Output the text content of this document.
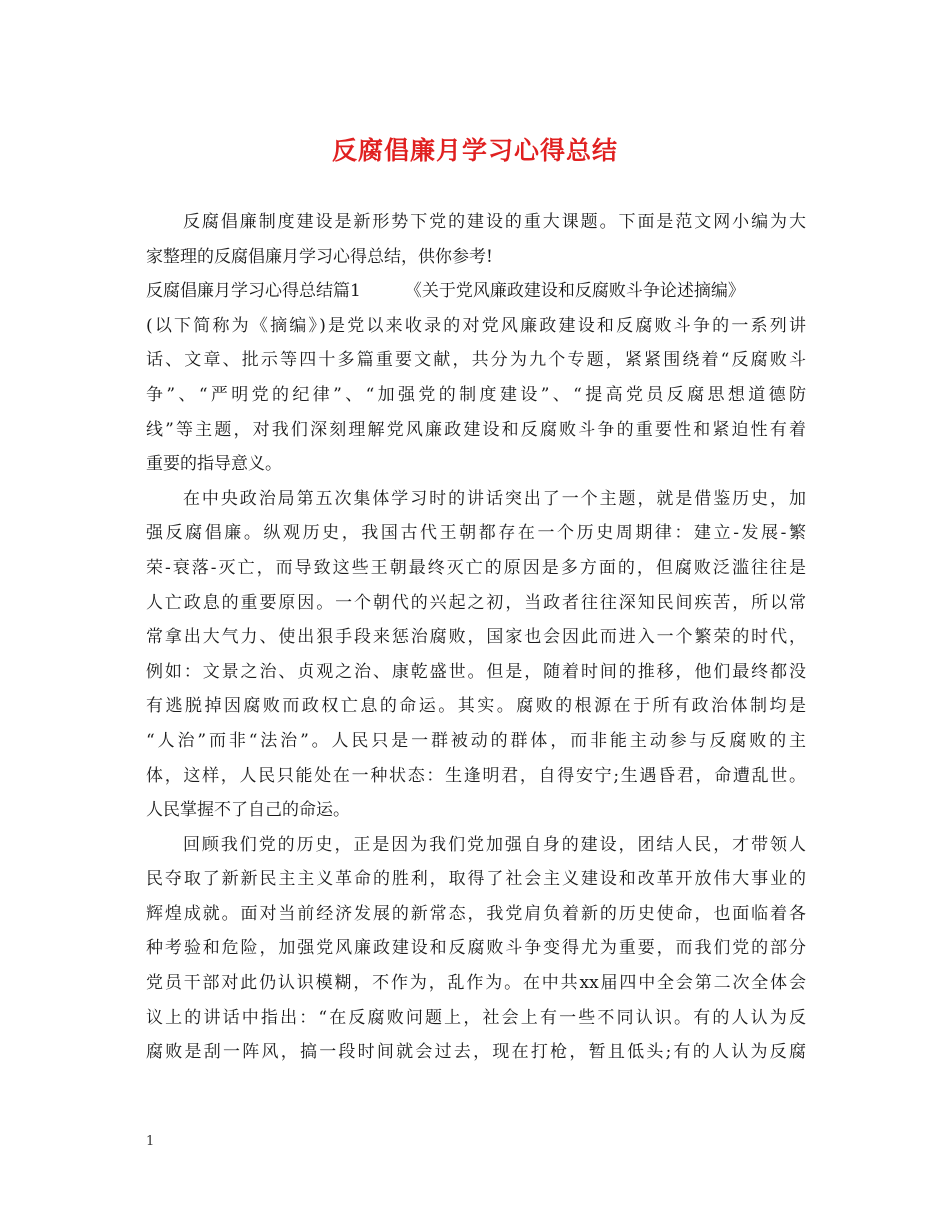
反腐倡廉月学习心得总结
反腐倡廉制度建设是新形势下党的建设的重大课题。下面是范文网小编为大
家整理的反腐倡廉月学习心得总结，供你参考!
反腐倡廉月学习心得总结篇1	《关于党风廉政建设和反腐败斗争论述摘编》
(以下简称为《摘编》)是党以来收录的对党风廉政建设和反腐败斗争的一系列讲
话、文章、批示等四十多篇重要文献，共分为九个专题，紧紧围绕着“反腐败斗
争”、“严明党的纪律”、“加强党的制度建设”、“提高党员反腐思想道德防
线”等主题，对我们深刻理解党风廉政建设和反腐败斗争的重要性和紧迫性有着
重要的指导意义。
在中央政治局第五次集体学习时的讲话突出了一个主题，就是借鉴历史，加
强反腐倡廉。纵观历史，我国古代王朝都存在一个历史周期律：建立-发展-繁
荣-衰落-灭亡，而导致这些王朝最终灭亡的原因是多方面的，但腐败泛滥往往是
人亡政息的重要原因。一个朝代的兴起之初，当政者往往深知民间疾苦，所以常
常拿出大气力、使出狠手段来惩治腐败，国家也会因此而进入一个繁荣的时代，
例如：文景之治、贞观之治、康乾盛世。但是，随着时间的推移，他们最终都没
有逃脱掉因腐败而政权亡息的命运。其实。腐败的根源在于所有政治体制均是
“人治”而非“法治”。人民只是一群被动的群体，而非能主动参与反腐败的主
体，这样，人民只能处在一种状态：生逢明君，自得安宁;生遇昏君，命遭乱世。
人民掌握不了自己的命运。
回顾我们党的历史，正是因为我们党加强自身的建设，团结人民，才带领人
民夺取了新新民主主义革命的胜利，取得了社会主义建设和改革开放伟大事业的
辉煌成就。面对当前经济发展的新常态，我党肩负着新的历史使命，也面临着各
种考验和危险，加强党风廉政建设和反腐败斗争变得尤为重要，而我们党的部分
党员干部对此仍认识模糊，不作为，乱作为。在中共xx届四中全会第二次全体会
议上的讲话中指出：“在反腐败问题上，社会上有一些不同认识。有的人认为反
腐败是刮一阵风，搞一段时间就会过去，现在打枪，暂且低头;有的人认为反腐
1
